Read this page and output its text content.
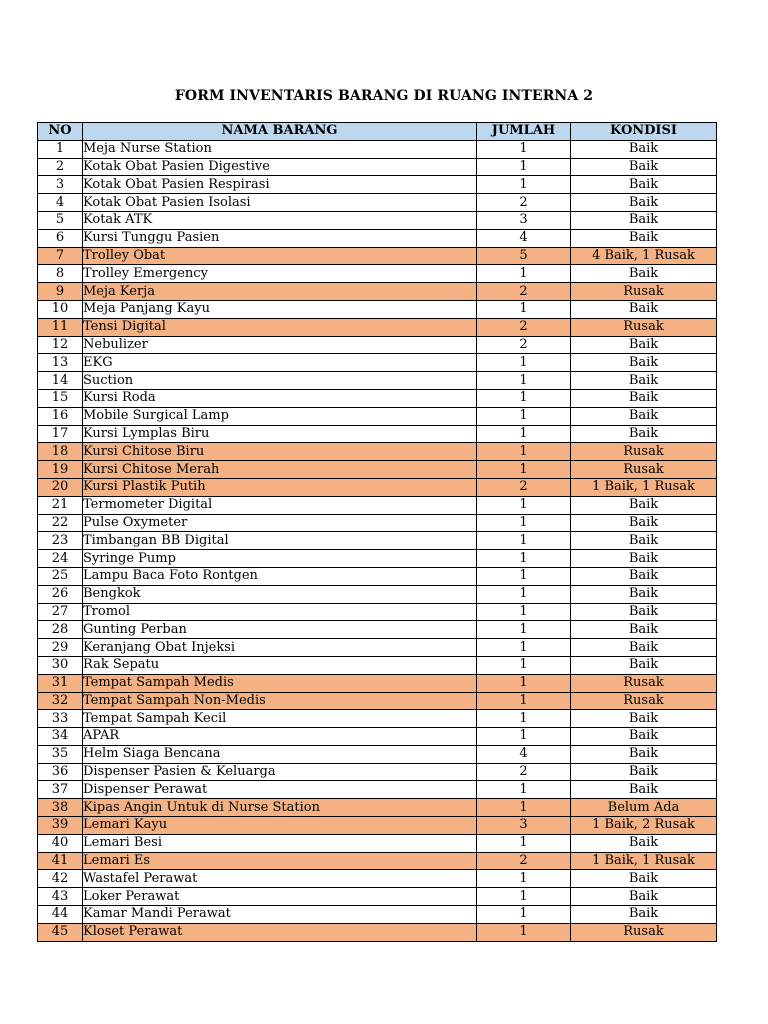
FORM INVENTARIS BARANG DI RUANG INTERNA 2
NO	NAMA BARANG	JUMLAH	KONDISI
1	Meja Nurse Station	1	Baik
2	Kotak Obat Pasien Digestive	1	Baik
3	Kotak Obat Pasien Respirasi	1	Baik
4	Kotak Obat Pasien Isolasi	2	Baik
5	Kotak ATK	3	Baik
6	Kursi Tunggu Pasien	4	Baik
7	Trolley Obat	5	4 Baik, 1 Rusak
8	Trolley Emergency	1	Baik
9	Meja Kerja	2	Rusak
10	Meja Panjang Kayu	1	Baik
11	Tensi Digital	2	Rusak
12	Nebulizer	2	Baik
13	EKG	1	Baik
14	Suction	1	Baik
15	Kursi Roda	1	Baik
16	Mobile Surgical Lamp	1	Baik
17	Kursi Lymplas Biru	1	Baik
18	Kursi Chitose Biru	1	Rusak
19	Kursi Chitose Merah	1	Rusak
20	Kursi Plastik Putih	2	1 Baik, 1 Rusak
21	Termometer Digital	1	Baik
22	Pulse Oxymeter	1	Baik
23	Timbangan BB Digital	1	Baik
24	Syringe Pump	1	Baik
25	Lampu Baca Foto Rontgen	1	Baik
26	Bengkok	1	Baik
27	Tromol	1	Baik
28	Gunting Perban	1	Baik
29	Keranjang Obat Injeksi	1	Baik
30	Rak Sepatu	1	Baik
31	Tempat Sampah Medis	1	Rusak
32	Tempat Sampah Non-Medis	1	Rusak
33	Tempat Sampah Kecil	1	Baik
34	APAR	1	Baik
35	Helm Siaga Bencana	4	Baik
36	Dispenser Pasien & Keluarga	2	Baik
37	Dispenser Perawat	1	Baik
38	Kipas Angin Untuk di Nurse Station	1	Belum Ada
39	Lemari Kayu	3	1 Baik, 2 Rusak
40	Lemari Besi	1	Baik
41	Lemari Es	2	1 Baik, 1 Rusak
42	Wastafel Perawat	1	Baik
43	Loker Perawat	1	Baik
44	Kamar Mandi Perawat	1	Baik
45	Kloset Perawat	1	Rusak
